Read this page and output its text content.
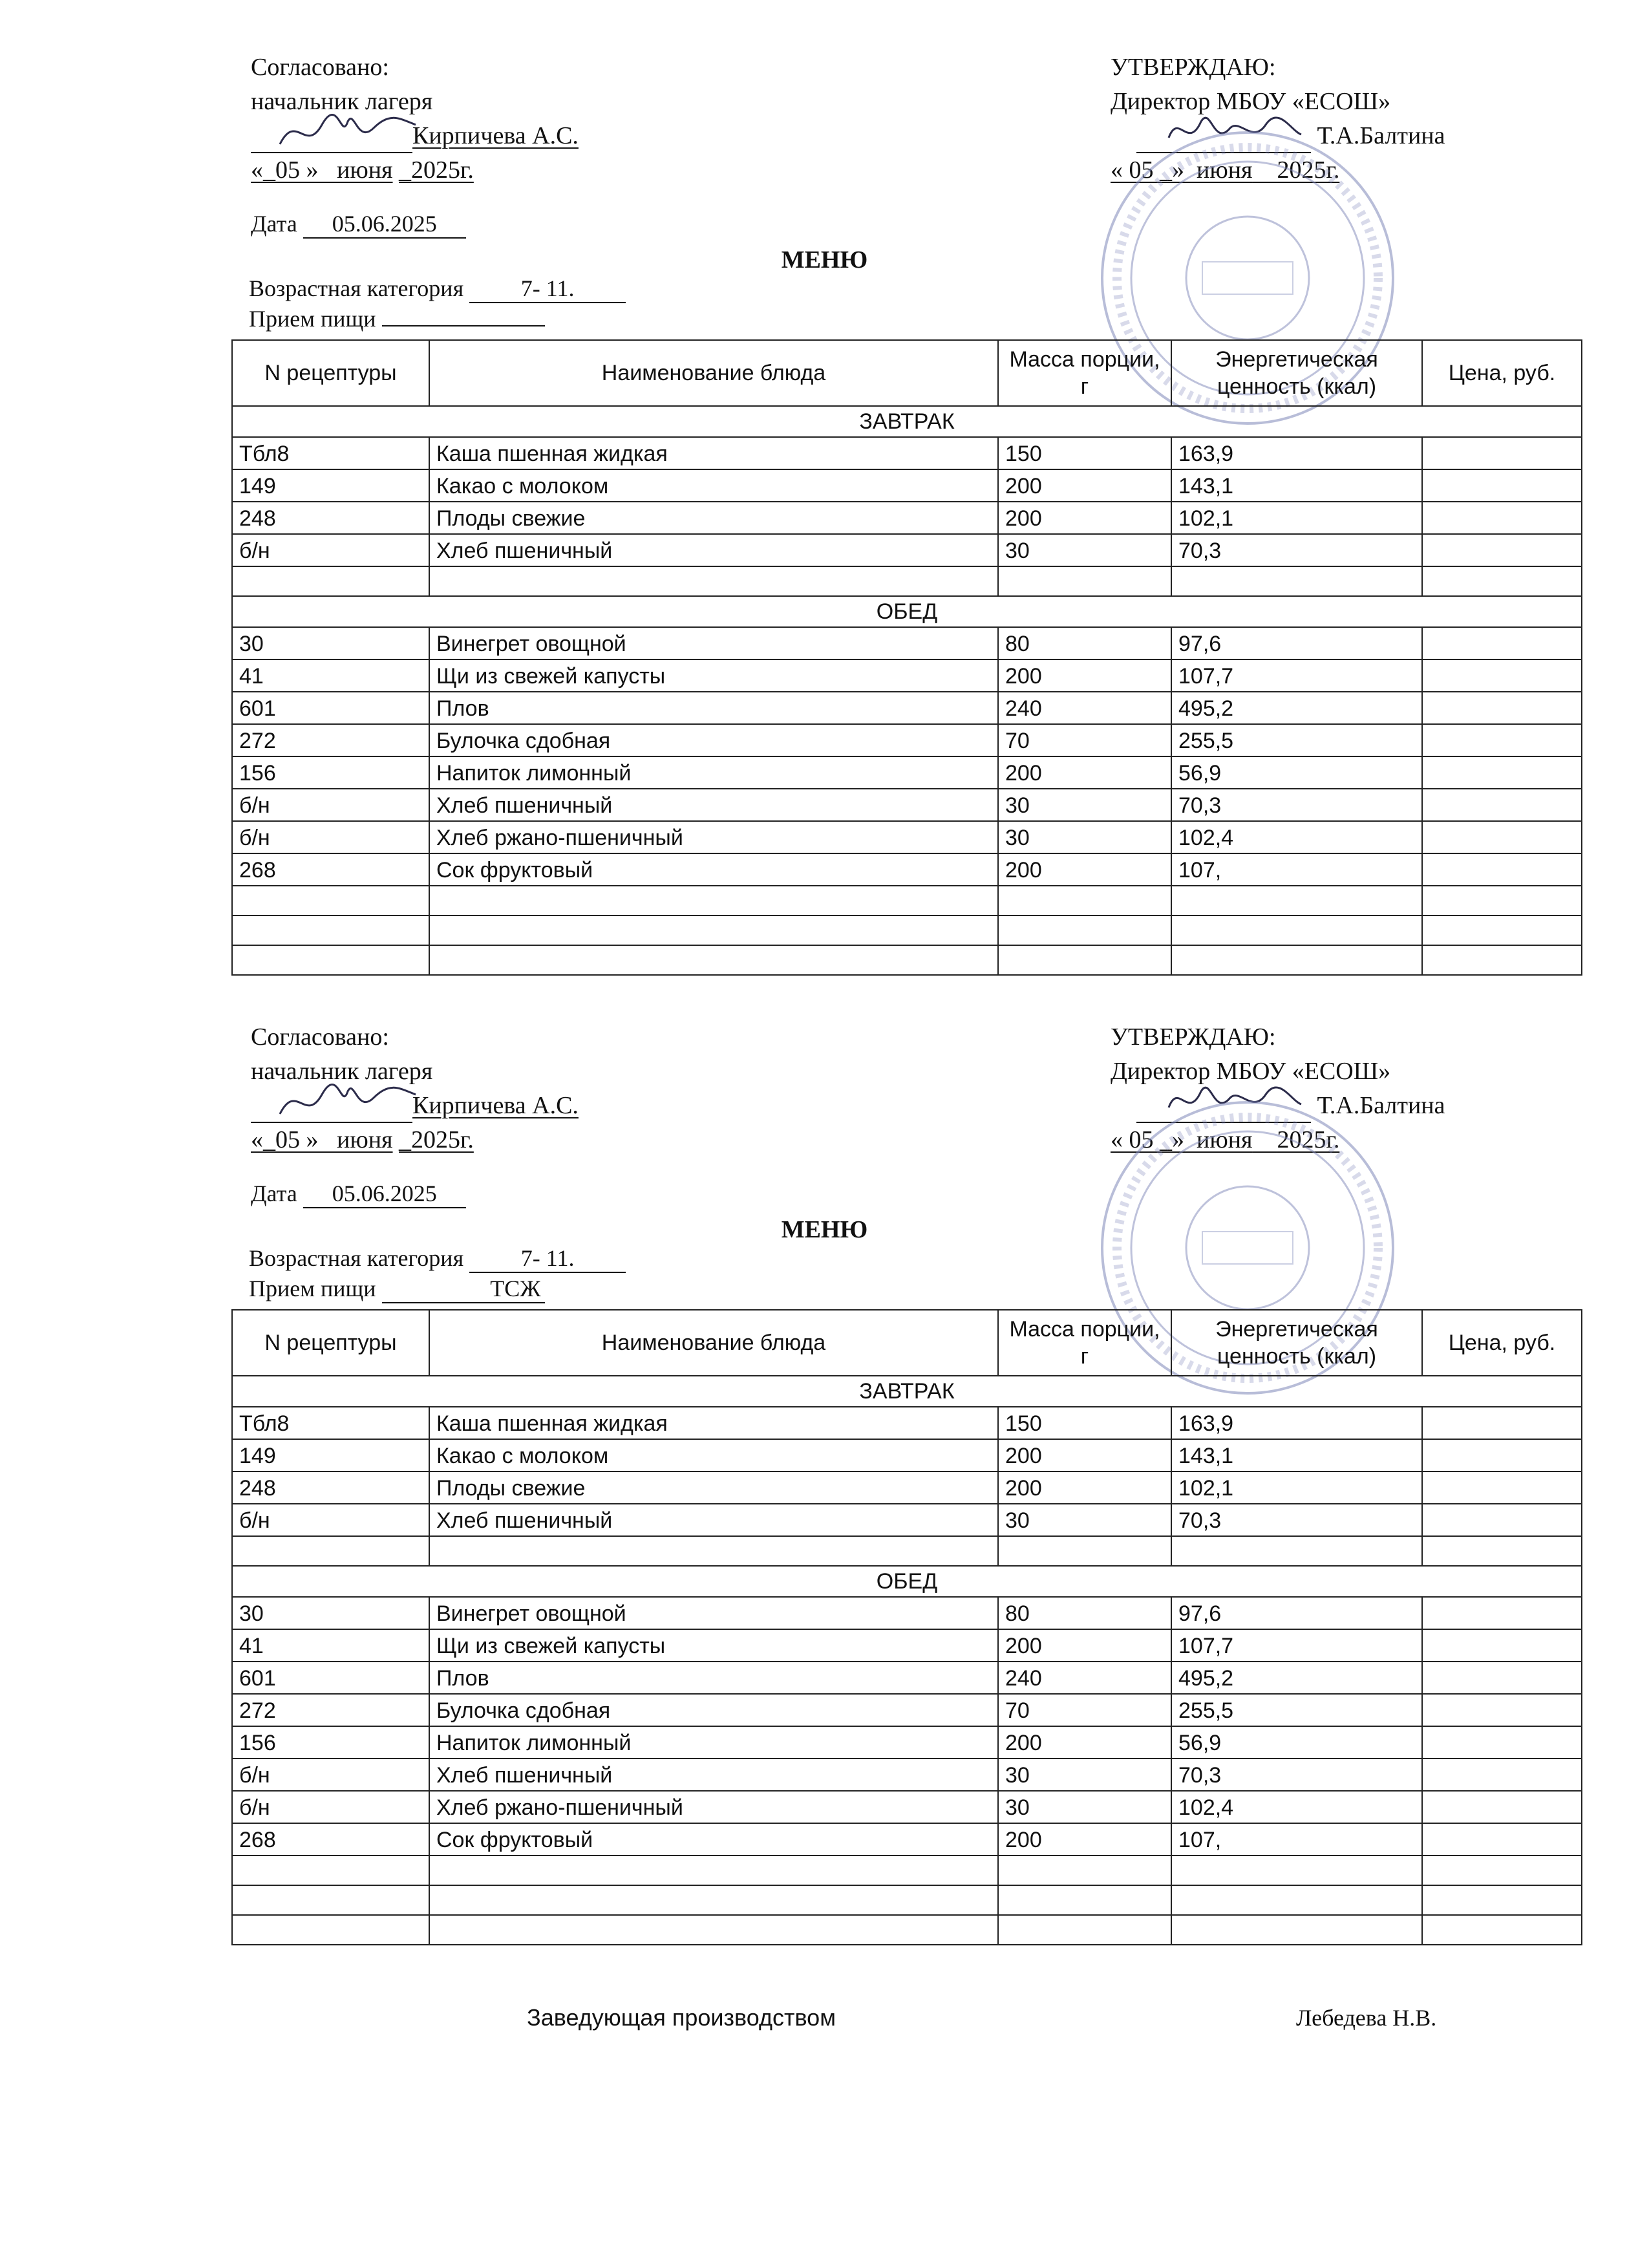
Согласовано:
начальник лагеря
Кирпичева А.С.
«_05 » июня _2025г.
УТВЕРЖДАЮ:
Директор МБОУ «ЕСОШ»
Т.А.Балтина
« 05 _» июня 2025г.
Дата 05.06.2025
МЕНЮ
Возрастная категория 7- 11.
Прием пищи
N рецептуры	Наименование блюда	Масса порции, г	Энергетическая ценность (ккал)	Цена, руб.
ЗАВТРАК				
Тбл8	Каша пшенная жидкая	150	163,9	
149	Какао с молоком	200	143,1	
248	Плоды свежие	200	102,1	
б/н	Хлеб пшеничный	30	70,3	

ОБЕД				
30	Винегрет овощной	80	97,6	
41	Щи из свежей капусты	200	107,7	
601	Плов	240	495,2	
272	Булочка сдобная	70	255,5	
156	Напиток лимонный	200	56,9	
б/н	Хлеб пшеничный	30	70,3	
б/н	Хлеб ржано-пшеничный	30	102,4	
268	Сок фруктовый	200	107,	

Согласовано:
начальник лагеря
Кирпичева А.С.
«_05 » июня _2025г.
УТВЕРЖДАЮ:
Директор МБОУ «ЕСОШ»
Т.А.Балтина
« 05 _» июня 2025г.
Дата 05.06.2025
МЕНЮ
Возрастная категория 7- 11.
Прием пищи	ТСЖ
N рецептуры	Наименование блюда	Масса порции, г	Энергетическая ценность (ккал)	Цена, руб.
ЗАВТРАК				
Тбл8	Каша пшенная жидкая	150	163,9	
149	Какао с молоком	200	143,1	
248	Плоды свежие	200	102,1	
б/н	Хлеб пшеничный	30	70,3	

ОБЕД				
30	Винегрет овощной	80	97,6	
41	Щи из свежей капусты	200	107,7	
601	Плов	240	495,2	
272	Булочка сдобная	70	255,5	
156	Напиток лимонный	200	56,9	
б/н	Хлеб пшеничный	30	70,3	
б/н	Хлеб ржано-пшеничный	30	102,4	
268	Сок фруктовый	200	107,	

Заведующая производством	Лебедева Н.В.
